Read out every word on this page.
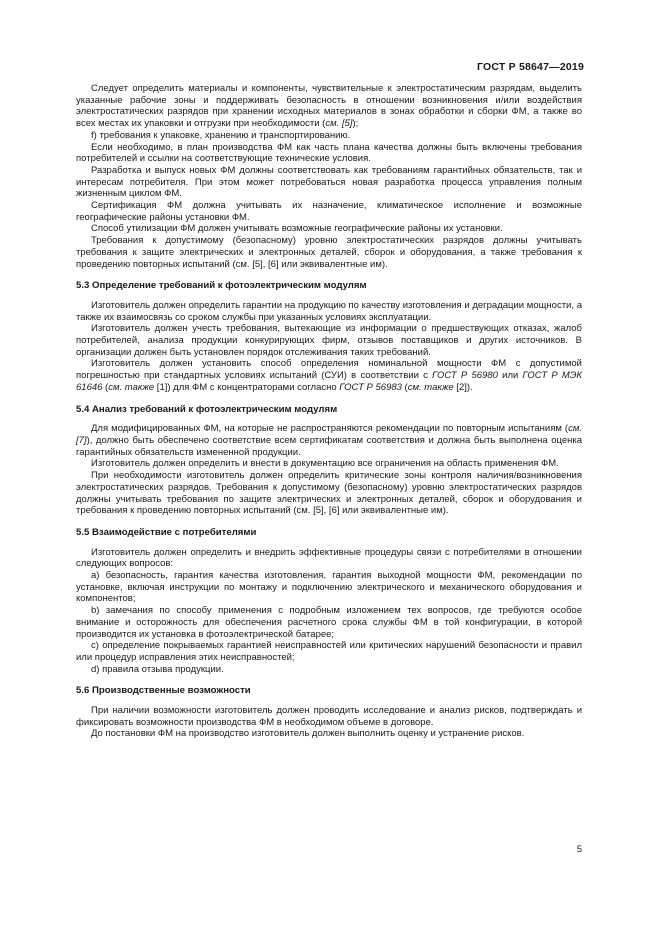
ГОСТ Р 58647—2019

Следует определить материалы и компоненты, чувствительные к электростатическим разрядам, выделить указанные рабочие зоны и поддерживать безопасность в отношении возникновения и/или воздействия электростатических разрядов при хранении исходных материалов в зонах обработки и сборки ФМ, а также во всех местах их упаковки и отгрузки при необходимости (см. [5]);

f) требования к упаковке, хранению и транспортированию.

Если необходимо, в план производства ФМ как часть плана качества должны быть включены требования потребителей и ссылки на соответствующие технические условия.

Разработка и выпуск новых ФМ должны соответствовать как требованиям гарантийных обязательств, так и интересам потребителя. При этом может потребоваться новая разработка процесса управления полным жизненным циклом ФМ.

Сертификация ФМ должна учитывать их назначение, климатическое исполнение и возможные географические районы установки ФМ.

Способ утилизации ФМ должен учитывать возможные географические районы их установки.

Требования к допустимому (безопасному) уровню электростатических разрядов должны учитывать требования к защите электрических и электронных деталей, сборок и оборудования, а также требования к проведению повторных испытаний (см. [5], [6] или эквивалентные им).

5.3 Определение требований к фотоэлектрическим модулям

Изготовитель должен определить гарантии на продукцию по качеству изготовления и деградации мощности, а также их взаимосвязь со сроком службы при указанных условиях эксплуатации.

Изготовитель должен учесть требования, вытекающие из информации о предшествующих отказах, жалоб потребителей, анализа продукции конкурирующих фирм, отзывов поставщиков и других источников. В организации должен быть установлен порядок отслеживания таких требований.

Изготовитель должен установить способ определения номинальной мощности ФМ с допустимой погрешностью при стандартных условиях испытаний (СУИ) в соответствии с ГОСТ Р 56980 или ГОСТ Р МЭК 61646 (см. также [1]) для ФМ с концентраторами согласно ГОСТ Р 56983 (см. также [2]).

5.4 Анализ требований к фотоэлектрическим модулям

Для модифицированных ФМ, на которые не распространяются рекомендации по повторным испытаниям (см. [7]), должно быть обеспечено соответствие всем сертификатам соответствия и должна быть выполнена оценка гарантийных обязательств измененной продукции.

Изготовитель должен определить и внести в документацию все ограничения на область применения ФМ.

При необходимости изготовитель должен определить критические зоны контроля наличия/возникновения электростатических разрядов. Требования к допустимому (безопасному) уровню электростатических разрядов должны учитывать требования по защите электрических и электронных деталей, сборок и оборудования и требования к проведению повторных испытаний (см. [5], [6] или эквивалентные им).

5.5 Взаимодействие с потребителями

Изготовитель должен определить и внедрить эффективные процедуры связи с потребителями в отношении следующих вопросов:

а) безопасность, гарантия качества изготовления, гарантия выходной мощности ФМ, рекомендации по установке, включая инструкции по монтажу и подключению электрического и механического оборудования и компонентов;

b) замечания по способу применения с подробным изложением тех вопросов, где требуются особое внимание и осторожность для обеспечения расчетного срока службы ФМ в той конфигурации, в которой производится их установка в фотоэлектрической батарее;

c) определение покрываемых гарантией неисправностей или критических нарушений безопасности и правил или процедур исправления этих неисправностей;

d) правила отзыва продукции.

5.6 Производственные возможности

При наличии возможности изготовитель должен проводить исследование и анализ рисков, подтверждать и фиксировать возможности производства ФМ в необходимом объеме в договоре.

До постановки ФМ на производство изготовитель должен выполнить оценку и устранение рисков.

5
